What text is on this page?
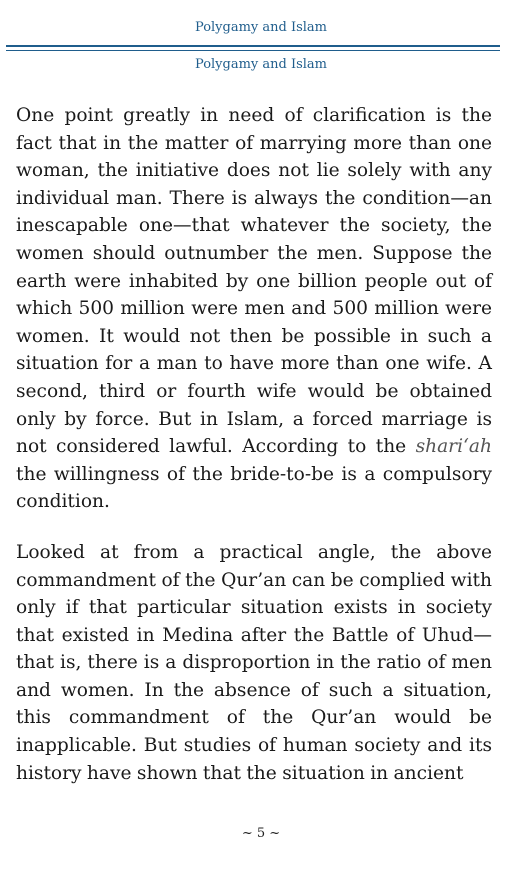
Polygamy and Islam
Polygamy and Islam

One point greatly in need of clarification is the fact that in the matter of marrying more than one woman, the initiative does not lie solely with any individual man. There is always the condition—an inescapable one—that whatever the society, the women should outnumber the men. Suppose the earth were inhabited by one billion people out of which 500 million were men and 500 million were women. It would not then be possible in such a situation for a man to have more than one wife. A second, third or fourth wife would be obtained only by force. But in Islam, a forced marriage is not considered lawful. According to the shari‘ah the willingness of the bride-to-be is a compulsory condition.

Looked at from a practical angle, the above commandment of the Qur’an can be complied with only if that particular situation exists in society that existed in Medina after the Battle of Uhud—that is, there is a disproportion in the ratio of men and women. In the absence of such a situation, this commandment of the Qur’an would be inapplicable. But studies of human society and its history have shown that the situation in ancient

~ 5 ~
